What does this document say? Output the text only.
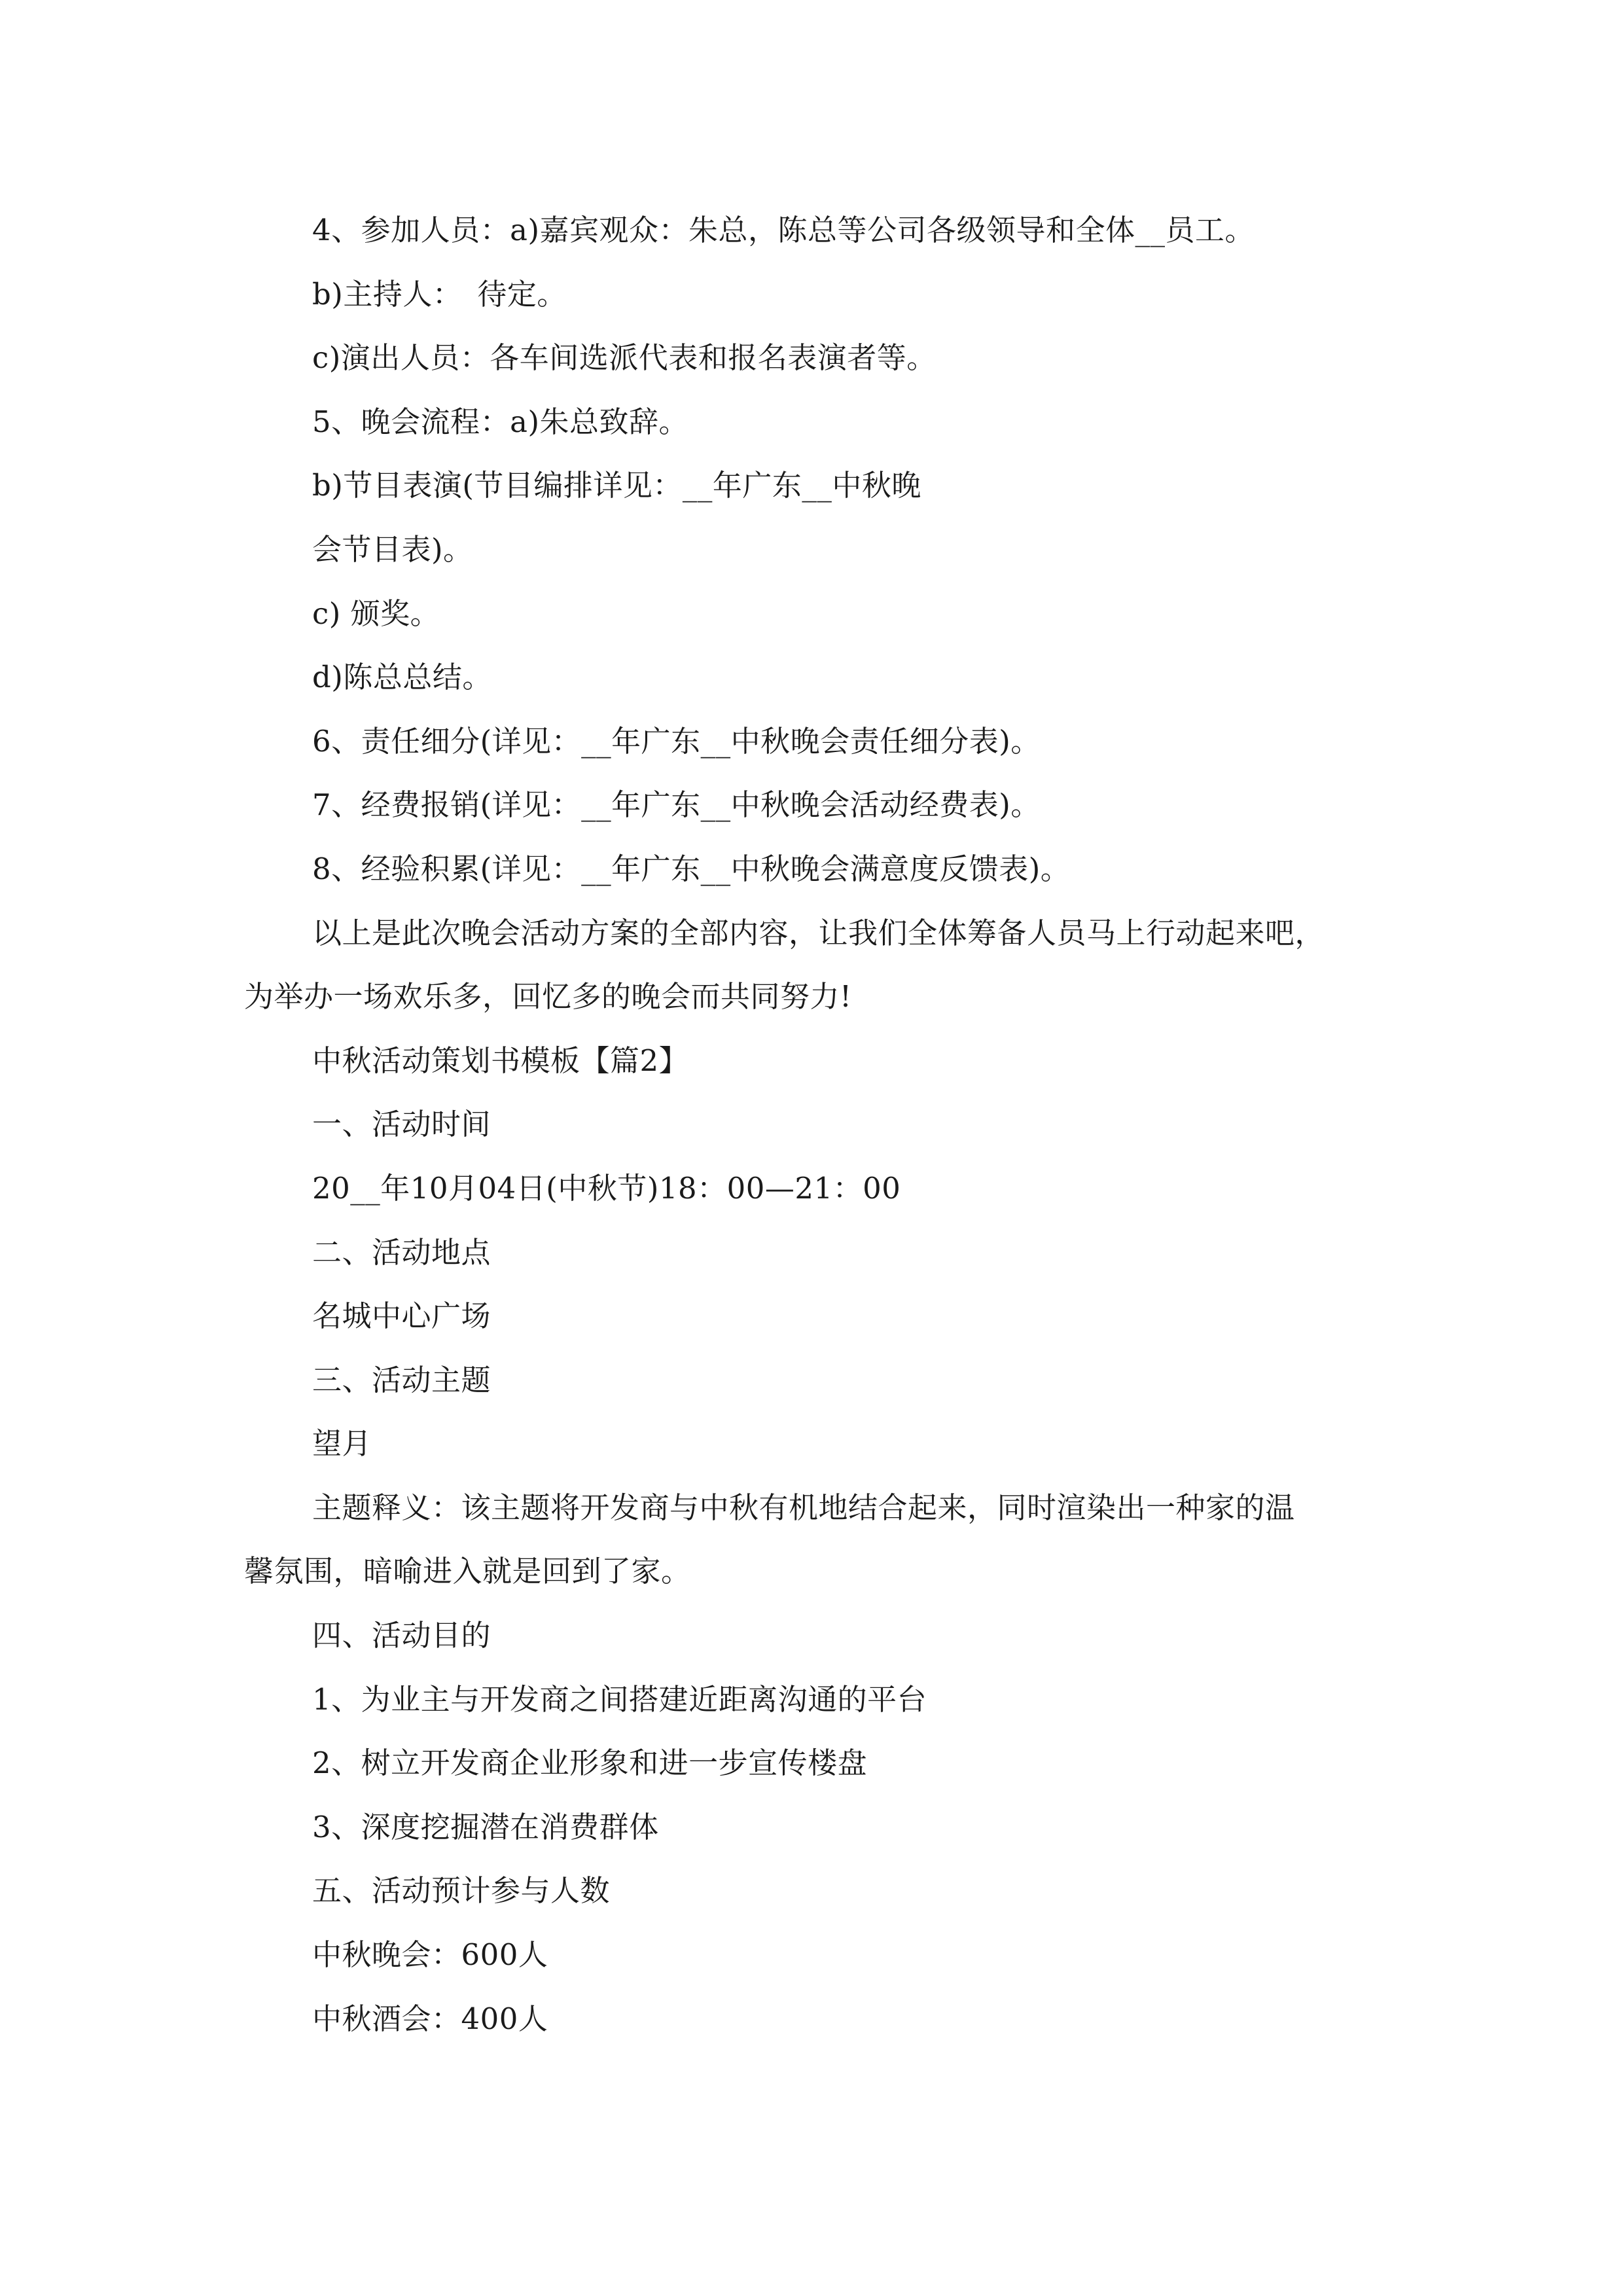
4、参加人员：a)嘉宾观众：朱总，陈总等公司各级领导和全体__员工。
b)主持人：　待定。
c)演出人员：各车间选派代表和报名表演者等。
5、晚会流程：a)朱总致辞。
b)节目表演(节目编排详见：__年广东__中秋晚
会节目表)。
c) 颁奖。
d)陈总总结。
6、责任细分(详见：__年广东__中秋晚会责任细分表)。
7、经费报销(详见：__年广东__中秋晚会活动经费表)。
8、经验积累(详见：__年广东__中秋晚会满意度反馈表)。
以上是此次晚会活动方案的全部内容，让我们全体筹备人员马上行动起来吧，
为举办一场欢乐多，回忆多的晚会而共同努力!
中秋活动策划书模板【篇2】
一、活动时间
20__年10月04日(中秋节)18：00—21：00
二、活动地点
名城中心广场
三、活动主题
望月
主题释义：该主题将开发商与中秋有机地结合起来，同时渲染出一种家的温
馨氛围，暗喻进入就是回到了家。
四、活动目的
1、为业主与开发商之间搭建近距离沟通的平台
2、树立开发商企业形象和进一步宣传楼盘
3、深度挖掘潜在消费群体
五、活动预计参与人数
中秋晚会：600人
中秋酒会：400人
